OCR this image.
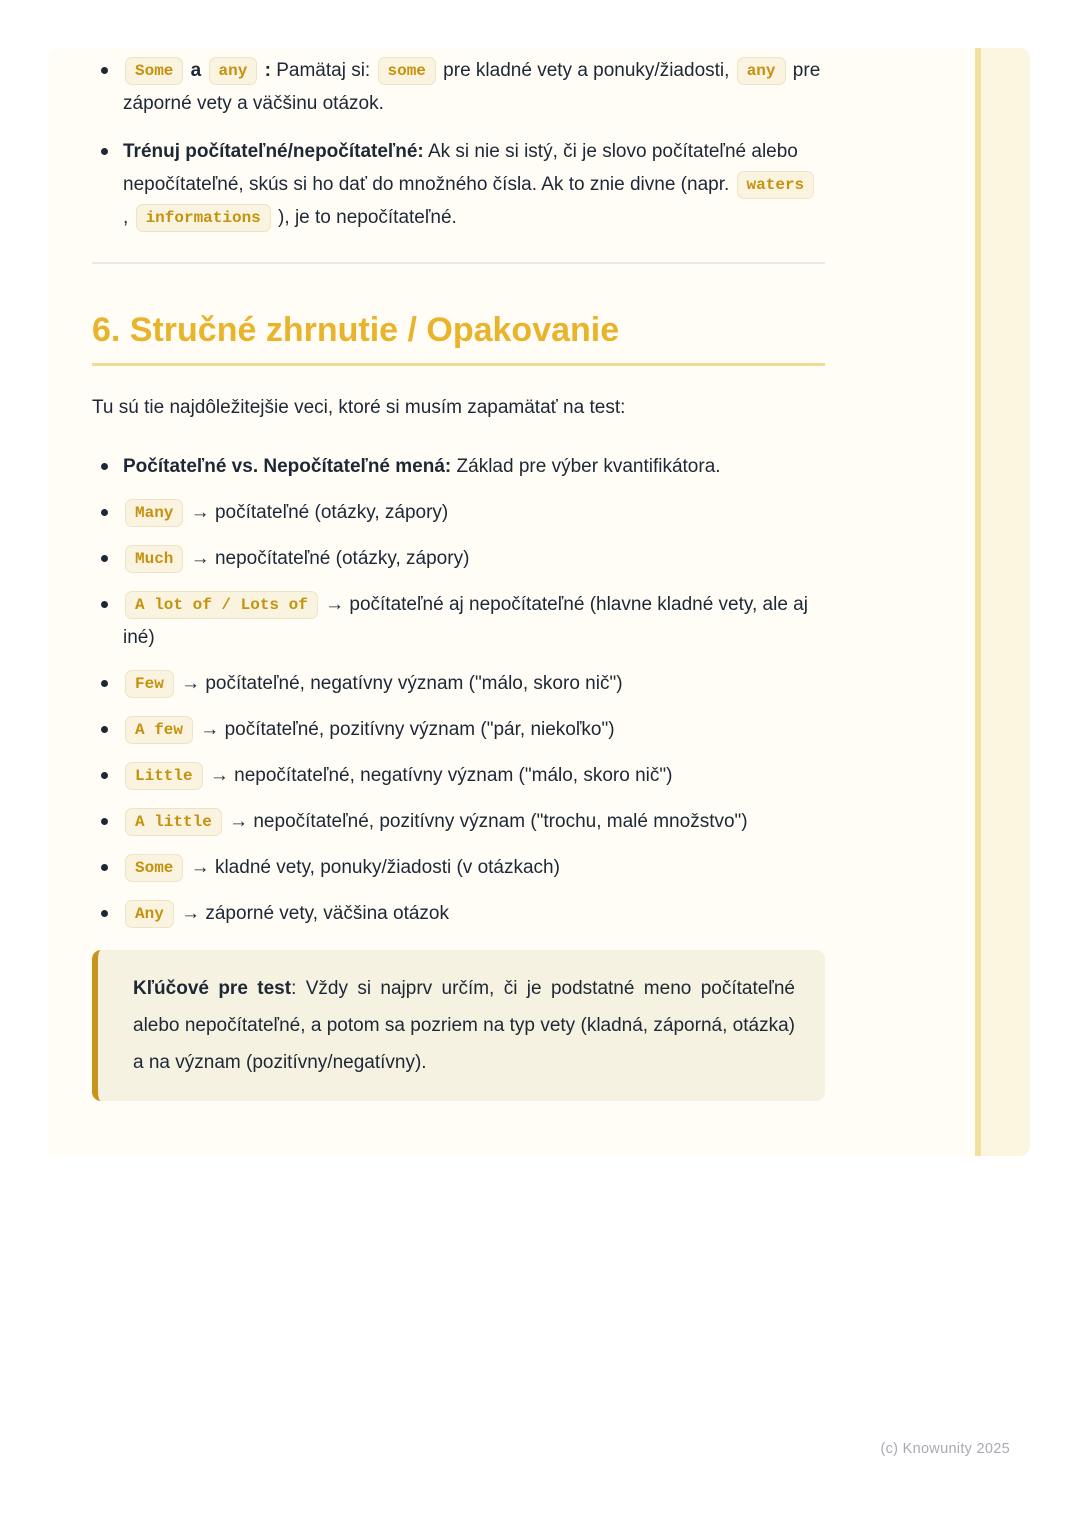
Some a any : Pamätaj si: some pre kladné vety a ponuky/žiadosti, any pre záporné vety a väčšinu otázok.
Trénuj počítateľné/nepočítateľné: Ak si nie si istý, či je slovo počítateľné alebo nepočítateľné, skús si ho dať do množného čísla. Ak to znie divne (napr. waters , informations ), je to nepočítateľné.
6. Stručné zhrnutie / Opakovanie

Tu sú tie najdôležitejšie veci, ktoré si musím zapamätať na test:

Počítateľné vs. Nepočítateľné mená: Základ pre výber kvantifikátora.
Many → počítateľné (otázky, zápory)
Much → nepočítateľné (otázky, zápory)
A lot of / Lots of → počítateľné aj nepočítateľné (hlavne kladné vety, ale aj iné)
Few → počítateľné, negatívny význam ("málo, skoro nič")
A few → počítateľné, pozitívny význam ("pár, niekoľko")
Little → nepočítateľné, negatívny význam ("málo, skoro nič")
A little → nepočítateľné, pozitívny význam ("trochu, malé množstvo")
Some → kladné vety, ponuky/žiadosti (v otázkach)
Any → záporné vety, väčšina otázok

Kľúčové pre test: Vždy si najprv určím, či je podstatné meno počítateľné alebo nepočítateľné, a potom sa pozriem na typ vety (kladná, záporná, otázka) a na význam (pozitívny/negatívny).

(c) Knowunity 2025
